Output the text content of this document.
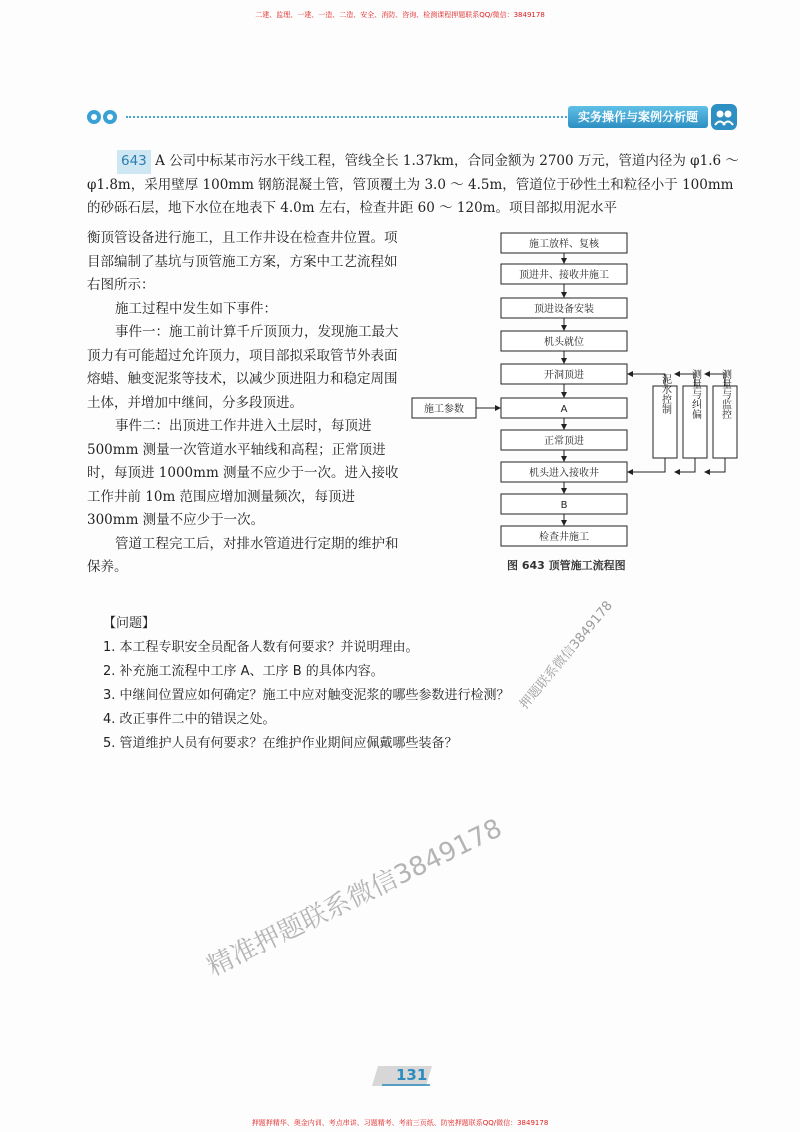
二建、监理、一建、一造、二造、安全、消防、咨询、检测课程押题联系QQ/微信：3849178
实务操作与案例分析题
643 A 公司中标某市污水干线工程，管线全长 1.37km，合同金额为 2700 万元，管道内径为 φ1.6 ～ φ1.8m，采用壁厚 100mm 钢筋混凝土管，管顶覆土为 3.0 ～ 4.5m，管道位于砂性土和粒径小于 100mm 的砂砾石层，地下水位在地表下 4.0m 左右，检查井距 60 ～ 120m。项目部拟用泥水平

衡顶管设备进行施工，且工作井设在检查井位置。项目部编制了基坑与顶管施工方案，方案中工艺流程如右图所示：

施工过程中发生如下事件：

事件一：施工前计算千斤顶顶力，发现施工最大顶力有可能超过允许顶力，项目部拟采取管节外表面熔蜡、触变泥浆等技术，以减少顶进阻力和稳定周围土体，并增加中继间，分多段顶进。

事件二：出顶进工作井进入土层时，每顶进 500mm 测量一次管道水平轴线和高程；正常顶进时，每顶进 1000mm 测量不应少于一次。进入接收工作井前 10m 范围应增加测量频次，每顶进 300mm 测量不应少于一次。

管道工程完工后，对排水管道进行定期的维护和保养。

施工放样、复核
顶进井、接收井施工
顶进设备安装
机头就位
开洞顶进
A
正常顶进
机头进入接收井
B
检查井施工
施工参数	泥水控制 测量与纠偏 测量与监控
图 643 顶管施工流程图
【问题】
1. 本工程专职安全员配备人数有何要求？并说明理由。
2. 补充施工流程中工序 A、工序 B 的具体内容。
3. 中继间位置应如何确定？施工中应对触变泥浆的哪些参数进行检测？
4. 改正事件二中的错误之处。
5. 管道维护人员有何要求？在维护作业期间应佩戴哪些装备？
押题联系微信3849178
精准押题联系微信3849178
131
押题押精华、奥金内训、考点串讲、习题精考、考前三页纸、防密押题联系QQ/微信：3849178
